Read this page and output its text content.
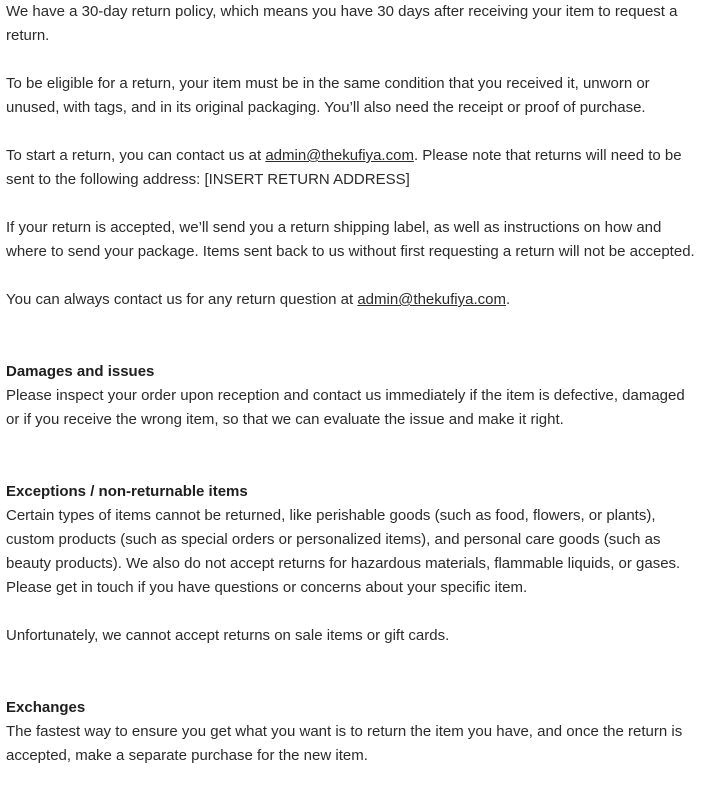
We have a 30-day return policy, which means you have 30 days after receiving your item to request a return.

To be eligible for a return, your item must be in the same condition that you received it, unworn or unused, with tags, and in its original packaging. You’ll also need the receipt or proof of purchase.

To start a return, you can contact us at admin@thekufiya.com. Please note that returns will need to be sent to the following address: [INSERT RETURN ADDRESS]

If your return is accepted, we’ll send you a return shipping label, as well as instructions on how and where to send your package. Items sent back to us without first requesting a return will not be accepted.

You can always contact us for any return question at admin@thekufiya.com.

Damages and issues

Please inspect your order upon reception and contact us immediately if the item is defective, damaged or if you receive the wrong item, so that we can evaluate the issue and make it right.

Exceptions / non-returnable items

Certain types of items cannot be returned, like perishable goods (such as food, flowers, or plants), custom products (such as special orders or personalized items), and personal care goods (such as beauty products). We also do not accept returns for hazardous materials, flammable liquids, or gases. Please get in touch if you have questions or concerns about your specific item.

Unfortunately, we cannot accept returns on sale items or gift cards.

Exchanges

The fastest way to ensure you get what you want is to return the item you have, and once the return is accepted, make a separate purchase for the new item.
